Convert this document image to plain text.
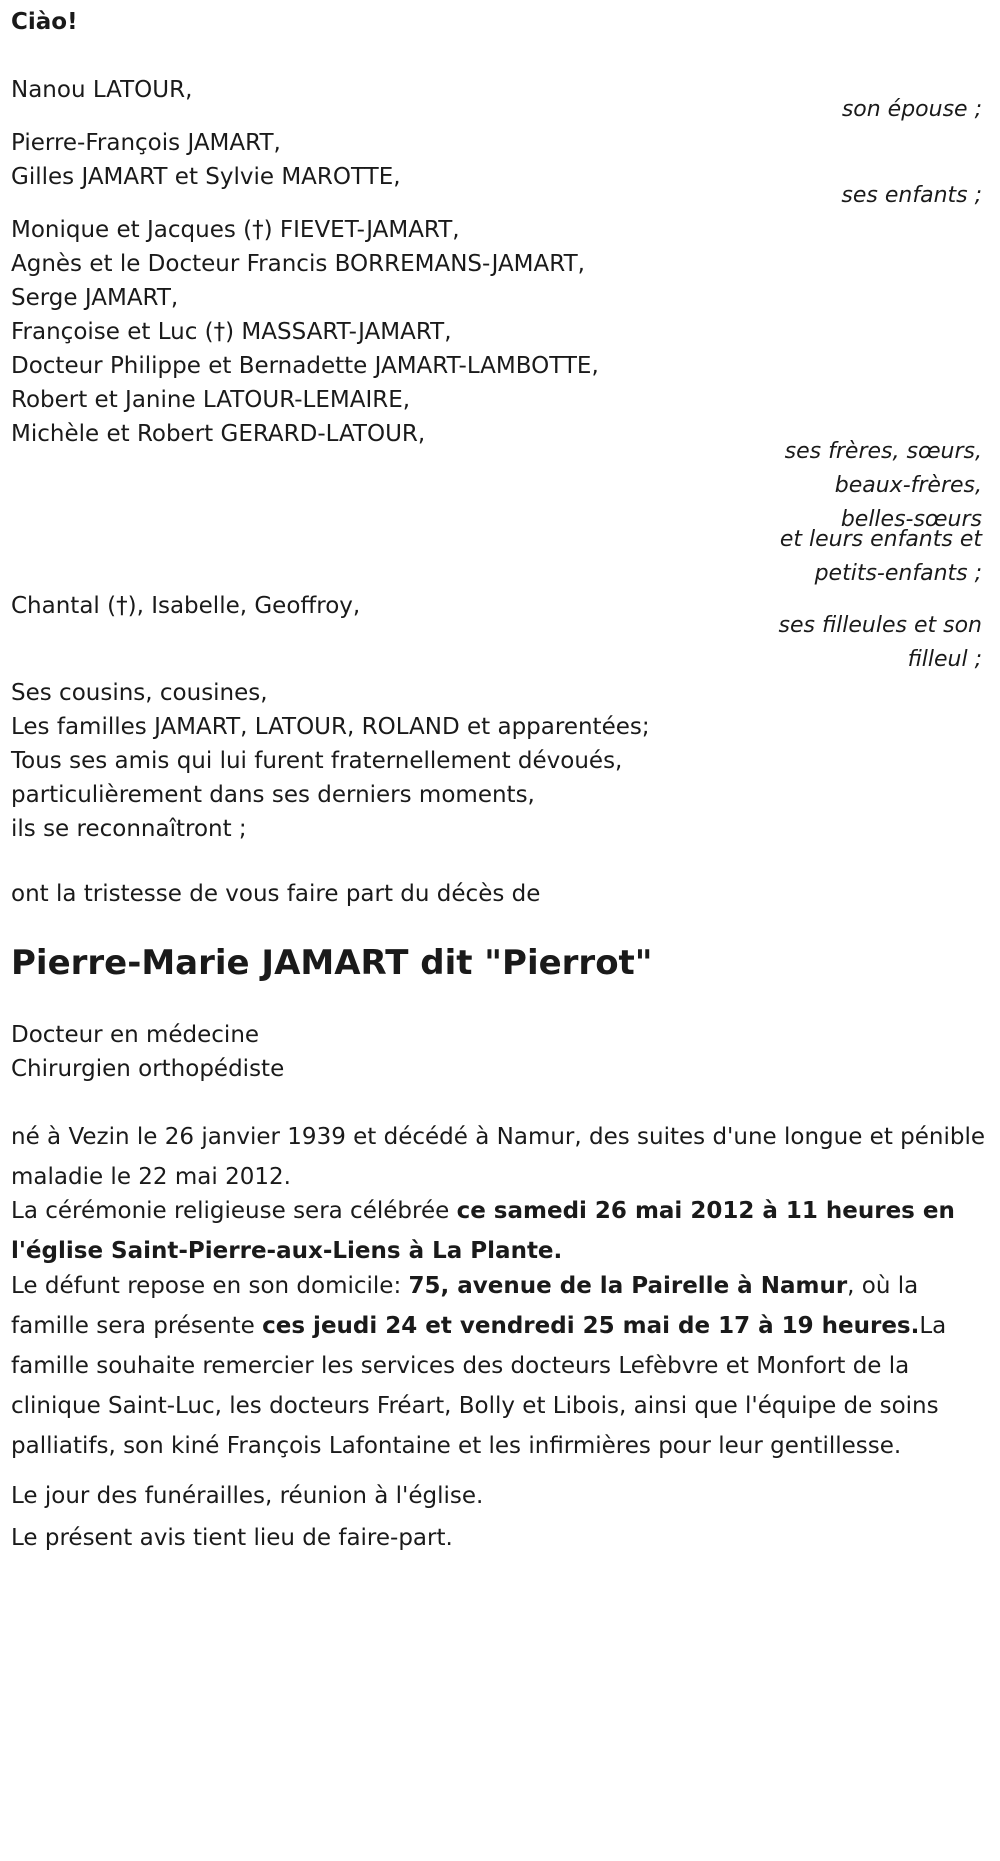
Ciào!

Nanou LATOUR,

son épouse ;

Pierre-François JAMART,

Gilles JAMART et Sylvie MAROTTE,

ses enfants ;

Monique et Jacques (†) FIEVET-JAMART,

Agnès et le Docteur Francis BORREMANS-JAMART,

Serge JAMART,

Françoise et Luc (†) MASSART-JAMART,

Docteur Philippe et Bernadette JAMART-LAMBOTTE,

Robert et Janine LATOUR-LEMAIRE,

Michèle et Robert GERARD-LATOUR,

ses frères, sœurs,

beaux-frères,

belles-sœurs

et leurs enfants et

petits-enfants ;

Chantal (†), Isabelle, Geoffroy,

ses filleules et son

filleul ;

Ses cousins, cousines,

Les familles JAMART, LATOUR, ROLAND et apparentées;

Tous ses amis qui lui furent fraternellement dévoués,

particulièrement dans ses derniers moments,

ils se reconnaîtront ;

ont la tristesse de vous faire part du décès de

Pierre-Marie JAMART dit "Pierrot"

Docteur en médecine

Chirurgien orthopédiste

né à Vezin le 26 janvier 1939 et décédé à Namur, des suites d'une longue et pénible maladie le 22 mai 2012.

La cérémonie religieuse sera célébrée ce samedi 26 mai 2012 à 11 heures en l'église Saint-Pierre-aux-Liens à La Plante.

Le défunt repose en son domicile: 75, avenue de la Pairelle à Namur, où la famille sera présente ces jeudi 24 et vendredi 25 mai de 17 à 19 heures.La famille souhaite remercier les services des docteurs Lefèbvre et Monfort de la clinique Saint-Luc, les docteurs Fréart, Bolly et Libois, ainsi que l'équipe de soins palliatifs, son kiné François Lafontaine et les infirmières pour leur gentillesse.

Le jour des funérailles, réunion à l'église.

Le présent avis tient lieu de faire-part.
